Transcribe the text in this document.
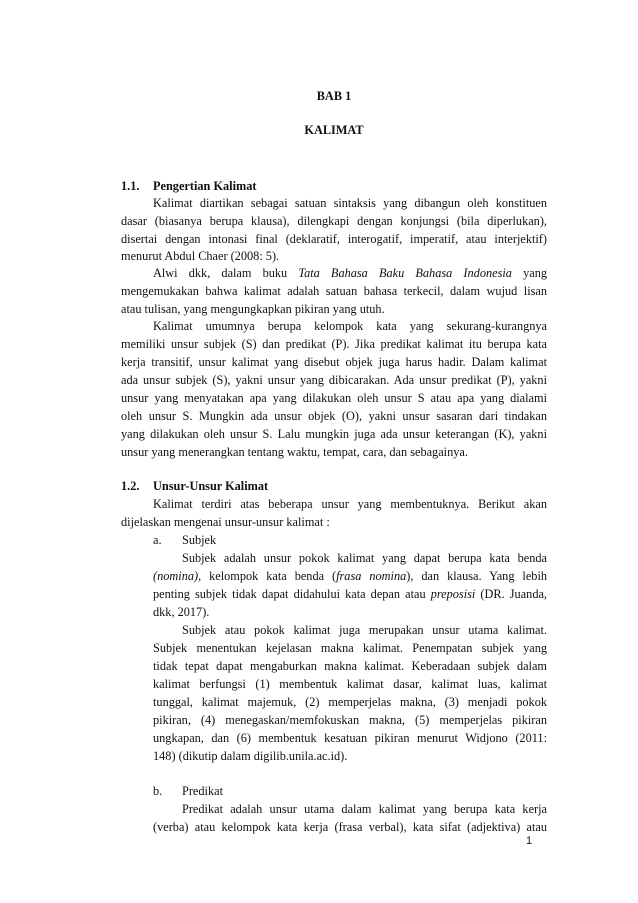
BAB 1

KALIMAT

1.1. Pengertian Kalimat

Kalimat diartikan sebagai satuan sintaksis yang dibangun oleh konstituen

dasar (biasanya berupa klausa), dilengkapi dengan konjungsi (bila diperlukan),

disertai dengan intonasi final (deklaratif, interogatif, imperatif, atau interjektif)

menurut Abdul Chaer (2008: 5).

Alwi dkk, dalam buku Tata Bahasa Baku Bahasa Indonesia yang

mengemukakan bahwa kalimat adalah satuan bahasa terkecil, dalam wujud lisan

atau tulisan, yang mengungkapkan pikiran yang utuh.

Kalimat umumnya berupa kelompok kata yang sekurang-kurangnya

memiliki unsur subjek (S) dan predikat (P). Jika predikat kalimat itu berupa kata

kerja transitif, unsur kalimat yang disebut objek juga harus hadir. Dalam kalimat

ada unsur subjek (S), yakni unsur yang dibicarakan. Ada unsur predikat (P), yakni

unsur yang menyatakan apa yang dilakukan oleh unsur S atau apa yang dialami

oleh unsur S. Mungkin ada unsur objek (O), yakni unsur sasaran dari tindakan

yang dilakukan oleh unsur S. Lalu mungkin juga ada unsur keterangan (K), yakni

unsur yang menerangkan tentang waktu, tempat, cara, dan sebagainya.

1.2. Unsur-Unsur Kalimat

Kalimat terdiri atas beberapa unsur yang membentuknya. Berikut akan

dijelaskan mengenai unsur-unsur kalimat :

a. Subjek

Subjek adalah unsur pokok kalimat yang dapat berupa kata benda

(nomina), kelompok kata benda (frasa nomina), dan klausa. Yang lebih

penting subjek tidak dapat didahului kata depan atau preposisi (DR. Juanda,

dkk, 2017).

Subjek atau pokok kalimat juga merupakan unsur utama kalimat.

Subjek menentukan kejelasan makna kalimat. Penempatan subjek yang

tidak tepat dapat mengaburkan makna kalimat. Keberadaan subjek dalam

kalimat berfungsi (1) membentuk kalimat dasar, kalimat luas, kalimat

tunggal, kalimat majemuk, (2) memperjelas makna, (3) menjadi pokok

pikiran, (4) menegaskan/memfokuskan makna, (5) memperjelas pikiran

ungkapan, dan (6) membentuk kesatuan pikiran menurut Widjono (2011:

148) (dikutip dalam digilib.unila.ac.id).

b. Predikat

Predikat adalah unsur utama dalam kalimat yang berupa kata kerja

(verba) atau kelompok kata kerja (frasa verbal), kata sifat (adjektiva) atau

1
